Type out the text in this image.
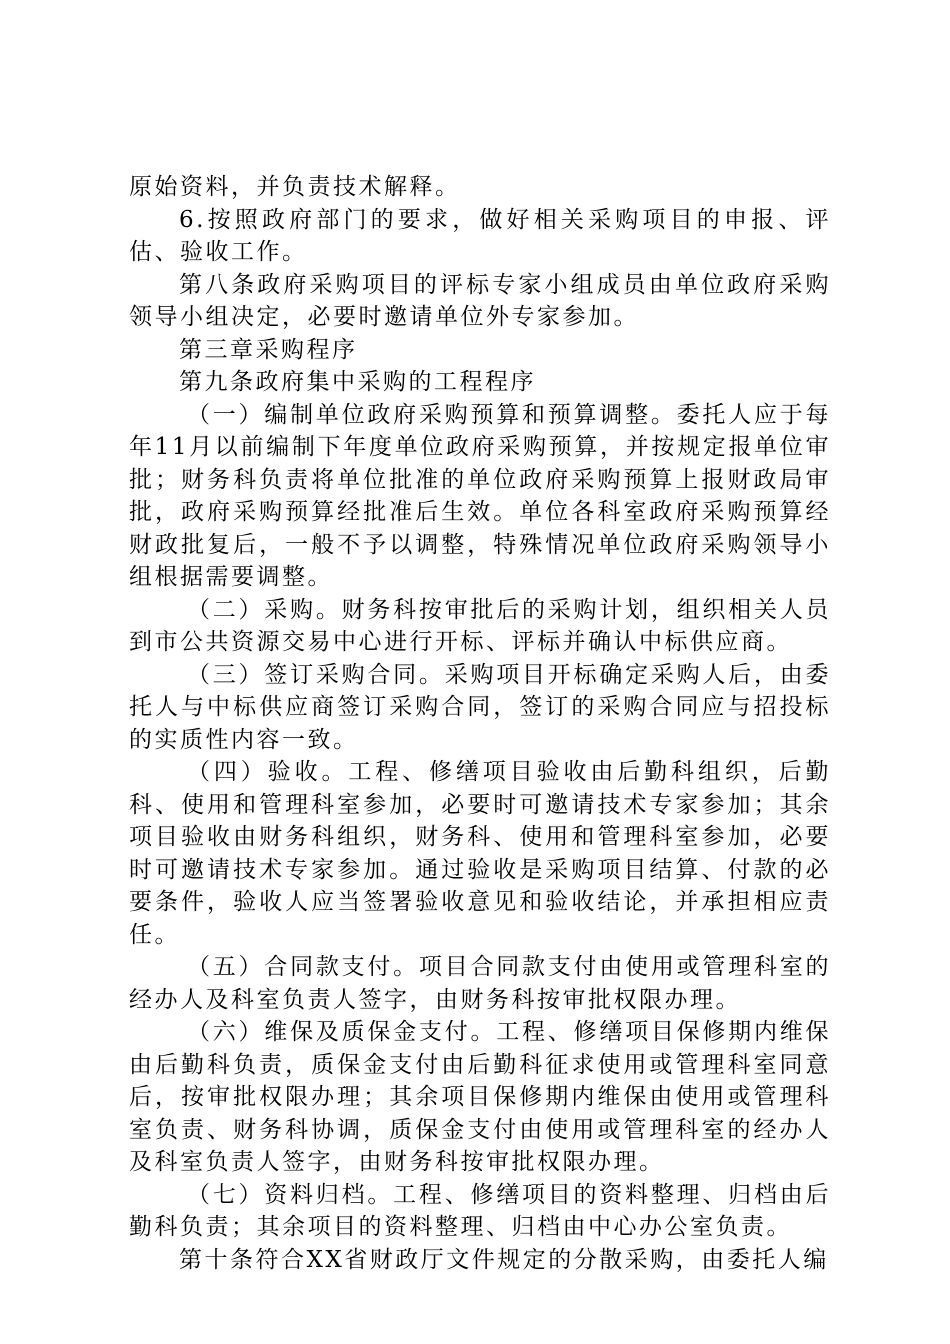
原始资料，并负责技术解释。

6.按照政府部门的要求，做好相关采购项目的申报、评估、验收工作。

第八条政府采购项目的评标专家小组成员由单位政府采购领导小组决定，必要时邀请单位外专家参加。

第三章采购程序

第九条政府集中采购的工程程序

（一）编制单位政府采购预算和预算调整。委托人应于每年11月以前编制下年度单位政府采购预算，并按规定报单位审批；财务科负责将单位批准的单位政府采购预算上报财政局审批，政府采购预算经批准后生效。单位各科室政府采购预算经财政批复后，一般不予以调整，特殊情况单位政府采购领导小组根据需要调整。

（二）采购。财务科按审批后的采购计划，组织相关人员到市公共资源交易中心进行开标、评标并确认中标供应商。

（三）签订采购合同。采购项目开标确定采购人后，由委托人与中标供应商签订采购合同，签订的采购合同应与招投标的实质性内容一致。

（四）验收。工程、修缮项目验收由后勤科组织，后勤科、使用和管理科室参加，必要时可邀请技术专家参加；其余项目验收由财务科组织，财务科、使用和管理科室参加，必要时可邀请技术专家参加。通过验收是采购项目结算、付款的必要条件，验收人应当签署验收意见和验收结论，并承担相应责任。

（五）合同款支付。项目合同款支付由使用或管理科室的经办人及科室负责人签字，由财务科按审批权限办理。

（六）维保及质保金支付。工程、修缮项目保修期内维保由后勤科负责，质保金支付由后勤科征求使用或管理科室同意后，按审批权限办理；其余项目保修期内维保由使用或管理科室负责、财务科协调，质保金支付由使用或管理科室的经办人及科室负责人签字，由财务科按审批权限办理。

（七）资料归档。工程、修缮项目的资料整理、归档由后勤科负责；其余项目的资料整理、归档由中心办公室负责。

第十条符合XX省财政厅文件规定的分散采购，由委托人编
